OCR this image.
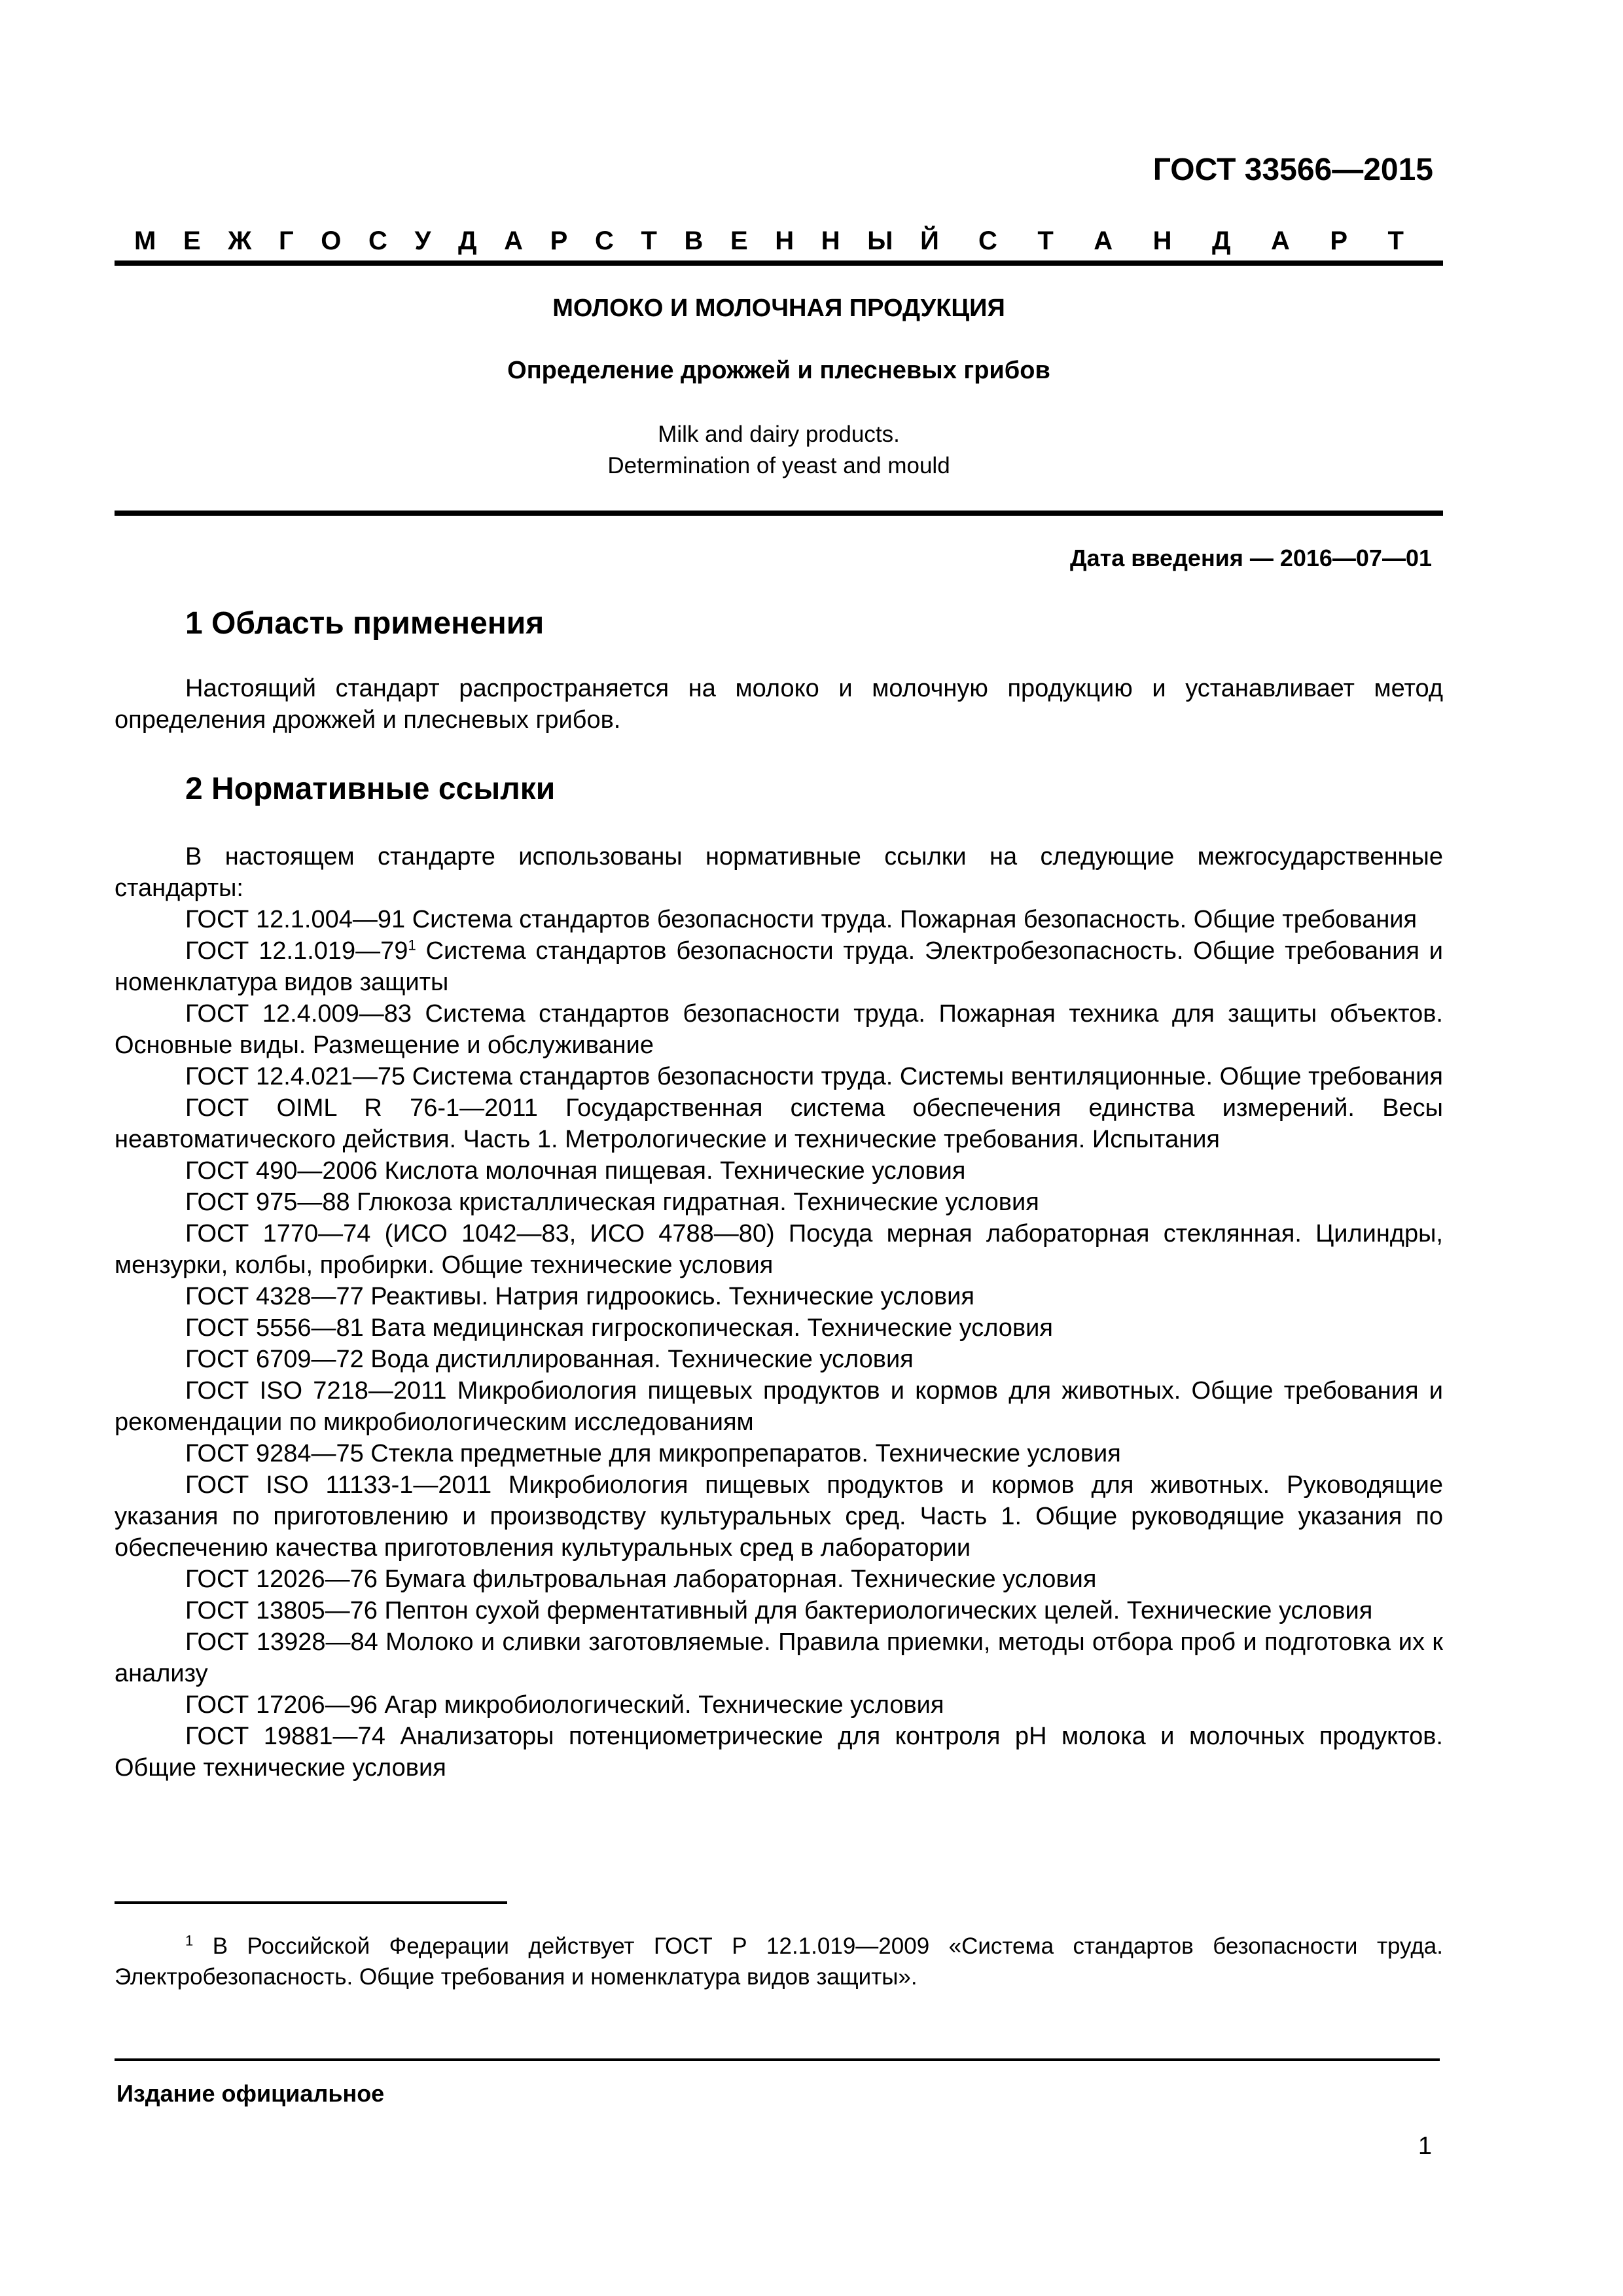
ГОСТ 33566—2015
М Е Ж Г О С У Д А Р С Т В Е Н Н Ы Й С Т А Н Д А Р Т
МОЛОКО И МОЛОЧНАЯ ПРОДУКЦИЯ
Определение дрожжей и плесневых грибов
Milk and dairy products.
Determination of yeast and mould
Дата введения — 2016—07—01
1 Область применения
Настоящий стандарт распространяется на молоко и молочную продукцию и устанавливает метод определения дрожжей и плесневых грибов.
2 Нормативные ссылки
В настоящем стандарте использованы нормативные ссылки на следующие межгосударственные стандарты:
ГОСТ 12.1.004—91 Система стандартов безопасности труда. Пожарная безопасность. Общие требования
ГОСТ $12.1.019—79^1$ Система стандартов безопасности труда. Электробезопасность. Общие требования и номенклатура видов защиты
ГОСТ 12.4.009—83 Система стандартов безопасности труда. Пожарная техника для защиты объектов. Основные виды. Размещение и обслуживание
ГОСТ 12.4.021—75 Система стандартов безопасности труда. Системы вентиляционные. Общие требования
ГОСТ OIML R 76-1—2011 Государственная система обеспечения единства измерений. Весы неавтоматического действия. Часть 1. Метрологические и технические требования. Испытания
ГОСТ 490—2006 Кислота молочная пищевая. Технические условия
ГОСТ 975—88 Глюкоза кристаллическая гидратная. Технические условия
ГОСТ 1770—74 (ИСО 1042—83, ИСО 4788—80) Посуда мерная лабораторная стеклянная. Цилиндры, мензурки, колбы, пробирки. Общие технические условия
ГОСТ 4328—77 Реактивы. Натрия гидроокись. Технические условия
ГОСТ 5556—81 Вата медицинская гигроскопическая. Технические условия
ГОСТ 6709—72 Вода дистиллированная. Технические условия
ГОСТ ISO 7218—2011 Микробиология пищевых продуктов и кормов для животных. Общие требования и рекомендации по микробиологическим исследованиям
ГОСТ 9284—75 Стекла предметные для микропрепаратов. Технические условия
ГОСТ ISO 11133-1—2011 Микробиология пищевых продуктов и кормов для животных. Руководящие указания по приготовлению и производству культуральных сред. Часть 1. Общие руководящие указания по обеспечению качества приготовления культуральных сред в лаборатории
ГОСТ 12026—76 Бумага фильтровальная лабораторная. Технические условия
ГОСТ 13805—76 Пептон сухой ферментативный для бактериологических целей. Технические условия
ГОСТ 13928—84 Молоко и сливки заготовляемые. Правила приемки, методы отбора проб и подготовка их к анализу
ГОСТ 17206—96 Агар микробиологический. Технические условия
ГОСТ 19881—74 Анализаторы потенциометрические для контроля pH молока и молочных продуктов. Общие технические условия
$^1$ В Российской Федерации действует ГОСТ Р 12.1.019—2009 «Система стандартов безопасности труда. Электробезопасность. Общие требования и номенклатура видов защиты».
Издание официальное
1
